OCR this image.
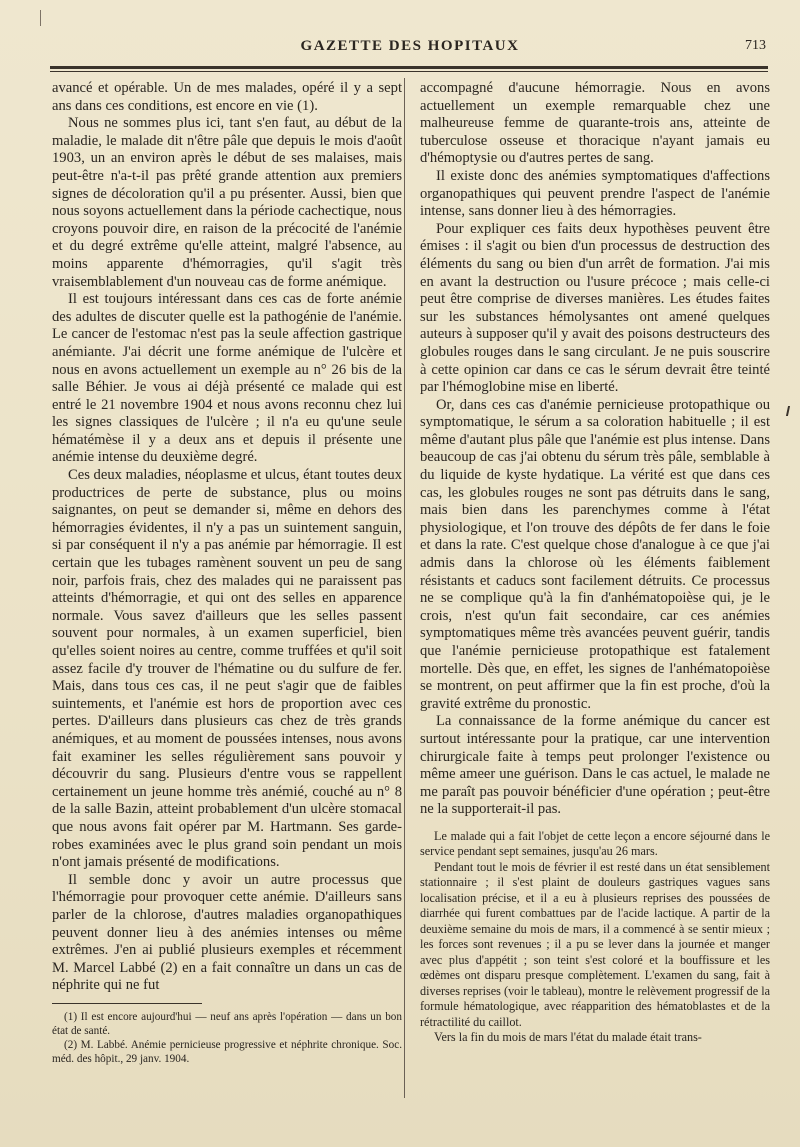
GAZETTE DES HOPITAUX	713

avancé et opérable. Un de mes malades, opéré il y a sept ans dans ces conditions, est encore en vie (1).

Nous ne sommes plus ici, tant s'en faut, au début de la maladie, le malade dit n'être pâle que depuis le mois d'août 1903, un an environ après le début de ses malaises, mais peut-être n'a-t-il pas prêté grande attention aux premiers signes de décoloration qu'il a pu présenter. Aussi, bien que nous soyons actuellement dans la période cachectique, nous croyons pouvoir dire, en raison de la précocité de l'anémie et du degré extrême qu'elle atteint, malgré l'absence, au moins apparente d'hémorragies, qu'il s'agit très vraisemblablement d'un nouveau cas de forme anémique.

Il est toujours intéressant dans ces cas de forte anémie des adultes de discuter quelle est la pathogénie de l'anémie. Le cancer de l'estomac n'est pas la seule affection gastrique anémiante. J'ai décrit une forme anémique de l'ulcère et nous en avons actuellement un exemple au n° 26 bis de la salle Béhier. Je vous ai déjà présenté ce malade qui est entré le 21 novembre 1904 et nous avons reconnu chez lui les signes classiques de l'ulcère ; il n'a eu qu'une seule hématémèse il y a deux ans et depuis il présente une anémie intense du deuxième degré.

Ces deux maladies, néoplasme et ulcus, étant toutes deux productrices de perte de substance, plus ou moins saignantes, on peut se demander si, même en dehors des hémorragies évidentes, il n'y a pas un suintement sanguin, si par conséquent il n'y a pas anémie par hémorragie. Il est certain que les tubages ramènent souvent un peu de sang noir, parfois frais, chez des malades qui ne paraissent pas atteints d'hémorragie, et qui ont des selles en apparence normale. Vous savez d'ailleurs que les selles passent souvent pour normales, à un examen superficiel, bien qu'elles soient noires au centre, comme truffées et qu'il soit assez facile d'y trouver de l'hématine ou du sulfure de fer. Mais, dans tous ces cas, il ne peut s'agir que de faibles suintements, et l'anémie est hors de proportion avec ces pertes. D'ailleurs dans plusieurs cas chez de très grands anémiques, et au moment de poussées intenses, nous avons fait examiner les selles régulièrement sans pouvoir y découvrir du sang. Plusieurs d'entre vous se rappellent certainement un jeune homme très anémié, couché au n° 8 de la salle Bazin, atteint probablement d'un ulcère stomacal que nous avons fait opérer par M. Hartmann. Ses garde-robes examinées avec le plus grand soin pendant un mois n'ont jamais présenté de modifications.

Il semble donc y avoir un autre processus que l'hémorragie pour provoquer cette anémie. D'ailleurs sans parler de la chlorose, d'autres maladies organopathiques peuvent donner lieu à des anémies intenses ou même extrêmes. J'en ai publié plusieurs exemples et récemment M. Marcel Labbé (2) en a fait connaître un dans un cas de néphrite qui ne fut

(1) Il est encore aujourd'hui — neuf ans après l'opération — dans un bon état de santé.

(2) M. Labbé. Anémie pernicieuse progressive et néphrite chronique. Soc. méd. des hôpit., 29 janv. 1904.

accompagné d'aucune hémorragie. Nous en avons actuellement un exemple remarquable chez une malheureuse femme de quarante-trois ans, atteinte de tuberculose osseuse et thoracique n'ayant jamais eu d'hémoptysie ou d'autres pertes de sang.

Il existe donc des anémies symptomatiques d'affections organopathiques qui peuvent prendre l'aspect de l'anémie intense, sans donner lieu à des hémorragies.

Pour expliquer ces faits deux hypothèses peuvent être émises : il s'agit ou bien d'un processus de destruction des éléments du sang ou bien d'un arrêt de formation. J'ai mis en avant la destruction ou l'usure précoce ; mais celle-ci peut être comprise de diverses manières. Les études faites sur les substances hémolysantes ont amené quelques auteurs à supposer qu'il y avait des poisons destructeurs des globules rouges dans le sang circulant. Je ne puis souscrire à cette opinion car dans ce cas le sérum devrait être teinté par l'hémoglobine mise en liberté.

Or, dans ces cas d'anémie pernicieuse protopathique ou symptomatique, le sérum a sa coloration habituelle ; il est même d'autant plus pâle que l'anémie est plus intense. Dans beaucoup de cas j'ai obtenu du sérum très pâle, semblable à du liquide de kyste hydatique. La vérité est que dans ces cas, les globules rouges ne sont pas détruits dans le sang, mais bien dans les parenchymes comme à l'état physiologique, et l'on trouve des dépôts de fer dans le foie et dans la rate. C'est quelque chose d'analogue à ce que j'ai admis dans la chlorose où les éléments faiblement résistants et caducs sont facilement détruits. Ce processus ne se complique qu'à la fin d'anhématopoièse qui, je le crois, n'est qu'un fait secondaire, car ces anémies symptomatiques même très avancées peuvent guérir, tandis que l'anémie pernicieuse protopathique est fatalement mortelle. Dès que, en effet, les signes de l'anhématopoièse se montrent, on peut affirmer que la fin est proche, d'où la gravité extrême du pronostic.

La connaissance de la forme anémique du cancer est surtout intéressante pour la pratique, car une intervention chirurgicale faite à temps peut prolonger l'existence ou même ameer une guérison. Dans le cas actuel, le malade ne me paraît pas pouvoir bénéficier d'une opération ; peut-être ne la supporterait-il pas.

Le malade qui a fait l'objet de cette leçon a encore séjourné dans le service pendant sept semaines, jusqu'au 26 mars.

Pendant tout le mois de février il est resté dans un état sensiblement stationnaire ; il s'est plaint de douleurs gastriques vagues sans localisation précise, et il a eu à plusieurs reprises des poussées de diarrhée qui furent combattues par de l'acide lactique. A partir de la deuxième semaine du mois de mars, il a commencé à se sentir mieux ; les forces sont revenues ; il a pu se lever dans la journée et manger avec plus d'appétit ; son teint s'est coloré et la bouffissure et les œdèmes ont disparu presque complètement. L'examen du sang, fait à diverses reprises (voir le tableau), montre le relèvement progressif de la formule hématologique, avec réapparition des hématoblastes et de la rétractilité du caillot.

Vers la fin du mois de mars l'état du malade était trans-
